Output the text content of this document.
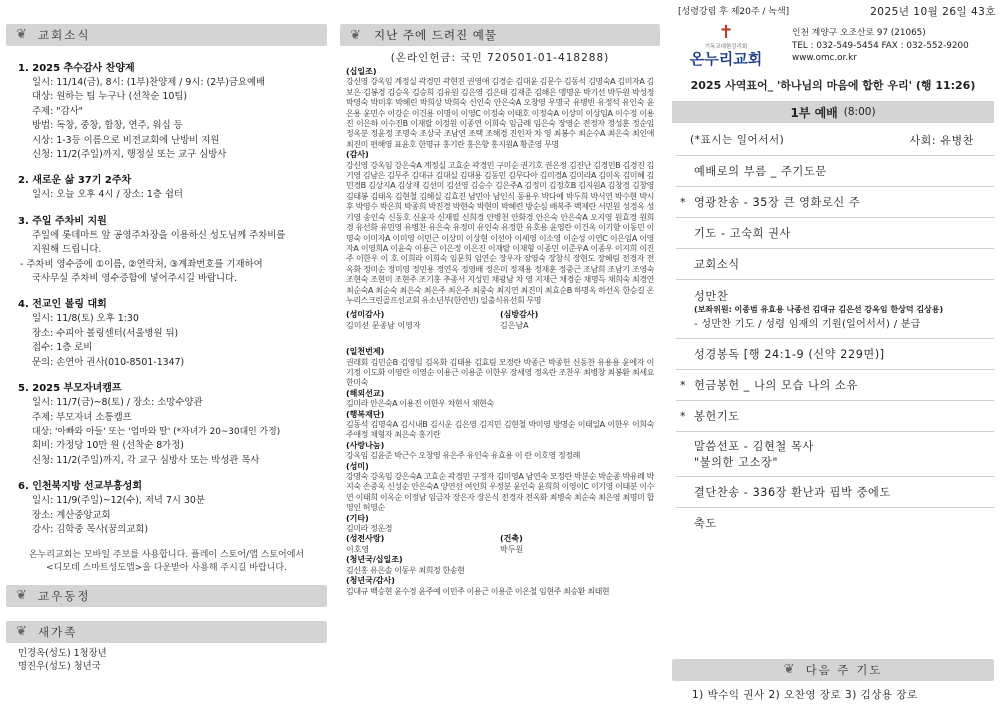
❦ 교회소식
1. 2025 추수감사 찬양제
일시: 11/14(금), 8시: (1부)찬양제 / 9시: (2부)금요예배
대상: 원하는 팀 누구나 (선착순 10팀)
주제: "감사"
방법: 독창, 중창, 합창, 연주, 워십 등
시상: 1-3등 이름으로 비전교회에 난방비 지원
신청: 11/2(주일)까지, 행정실 또는 교구 심방사
2. 새로운 삶 37기 2주차
일시: 오늘 오후 4시 / 장소: 1층 쉼터
3. 주일 주차비 지원
주일에 롯데마트 앞 공영주차장을 이용하신 성도님께 주차비를
지원해 드립니다.
- 주차비 영수증에 ①이름, ②연락처, ③계좌번호를 기재하여
국사무실 주차비 영수증함에 넣어주시길 바랍니다.
4. 전교인 볼링 대회
일시: 11/8(토) 오후 1:30
장소: 수피아 볼링센터(서울병원 뒤)
접수: 1층 로비
문의: 손연아 권사(010-8501-1347)
5. 2025 부모자녀캠프
일시: 11/7(금)~8(토) / 장소: 소망수양관
주제: 부모자녀 소통캠프
대상: '아빠와 아들' 또는 '엄마와 딸' (*자녀가 20~30대인 가정)
회비: 가정당 10만 원 (선착순 8가정)
신청: 11/2(주일)까지, 각 교구 심방사 또는 박성관 목사
6. 인천북지방 선교부흥성회
일시: 11/9(주일)~12(수), 저녁 7시 30분
장소: 계산중앙교회
강사: 김학중 목사(꿈의교회)
온누리교회는 모바일 주보를 사용합니다. 플레이 스토어/앱 스토어에서
<디모데 스마트성도앱>을 다운받아 사용해 주시길 바랍니다.
❦ 교우동정
❦ 새가족
민경옥(성도) 1청장년
명진우(성도) 청년국
❦ 지난 주에 드려진 예물
(온라인헌금: 국민 720501-01-418288)
(십일조)
강신영 강옥임 계정실 곽경민 곽현진 권영애 김경순 김대윤 김문수 김동석 김명숙A 김미자A 김보은 김봉경 김승옥 김승희 김유원 김은영 김은태 김재준 김해은 맹명운 박기선 박두원 박성정 박영숙 박미후 박혜린 박희상 박희숙 신인숙 안은숙A 오창영 우명국 유병빈 유정석 유인숙 윤은용 윤민수 이강순 이건용 이명이 이영C 이정숙 이태호 이정숙A 이상미 이상임A 이수정 이용진 이은하 이수진B 이재랄 이정원 이종연 이희숙 임금례 임은숙 장영순 전정자 정성훈 정순임 정옥분 정윤정 조명숙 조상국 조남연 조택 조해경 진인자 차 영 최봉수 최순수A 최은숙 최인애 최진미 편해영 표윤호 한명규 홍기란 홍은향 홍지원A 황준영 무명
(감사)
강신영 강옥임 강은숙A 계정실 고효순 곽경민 구미순 권기호 권은정 김진난 김경민B 김경진 김기영 김남은 김무주 김대규 김대실 김대용 김동민 김무다아 김미경A 김미라A 김미옥 김미혜 김민경B 김상지A 김상재 김선미 김선영 김승수 김은주A 김정미 김정호B 김지원A 김창경 김창영 김태봉 김태옥 김현철 김혜실 김효진 남민아 남인식 동용우 박다예 박두희 박서연 박수현 박시후 박영수 박은희 박종희 박진경 박현숙 박현미 박혜련 방순심 배복주 백제란 서민원 성경옥 성기영 송인숙 신동호 신윤자 신재필 신희경 안병천 안화경 안은숙 안은숙A 오지영 원효경 원희경 유선화 유민영 유병찬 유은숙 유정미 유인숙 유정한 유호용 윤영란 이건옥 이기향 이동민 이명숙 이미자A 이미영 이민근 이상미 이상현 이선아 이세영 이소영 이순성 이연C 이은임A 이영자A 이영희A 이윤숙 이용근 이은정 이은진 이재랄 이재형 이종민 이준우A 이종우 이지희 이진주 이한우 이 호 이희라 이희숙 임문희 임연순 장우자 장영숙 장창식 장현도 장혜림 전경자 전옥화 정미순 정미영 정민용 정연옥 정영배 정은미 정재용 정재훈 정중근 조남희 조남기 조영숙 조현숙 조현미 조현주 조기홍 추종서 지성민 채광남 차 영 지재근 채경순 채명득 채희숙 최경연 최순숙A 최순숙 최은숙 최은주 최은주 최중숙 최지연 최진미 최효순B 하명옥 하선옥 한승길 온누리스크린골프선교회 유소년부(한연빈) 일출식유선회 무명
(성미감사)	(심방감사)
김미선 문종남 이영자	김은남A
(일천번제)
권래회 김민순B 김영임 김옥화 김태용 김효림 모정란 박종근 박종헌 신동찬 유용용 윤에자 이기정 이도화 이영란 이영순 이용근 이용준 이한우 장세영 정옥란 조찬우 최병창 최봉환 최세요 한미숙
(해외선교)
김미라 안은숙A 이용진 이한우 차현서 채현숙
(행복재단)
김동석 김명숙A 김시내B 김시운 김은영 김지민 김현철 박미영 방명순 이태일A 이한우 이희숙 주애정 채형자 최은숙 홍기란
(사랑나눔)
강옥임 김윤준 박근수 오창영 유은주 유인숙 유효용 이 란 이호영 정정례
(성미)
강명숙 강옥임 강은숙A 고효순 곽경민 구정자 김미영A 남연숙 모정란 박분순 박순종 박유례 박지숙 손중옥 신성순 안은숙A 양연선 여인희 우정분 윤인숙 윤희희 이영이C 이기영 이태분 이수연 이태희 이옥순 이정남 임금자 장은자 장은식 전경자 전옥화 최병숙 최순숙 최은영 최명미 합영인 허영순
(기타)
김미라 정운경
(성전사랑)	(건축)
이호영	박두원
(청년국/십일조)
김신홍 유은솔 이동우 최희정 한송현
(청년국/감사)
김대규 백승현 윤수경 윤주예 이민주 이용근 이용준 이온철 임현주 최승환 최태현
[성령강림 후 제20주 / 녹색]	2025년 10월 26일 43호
✝
기독교대한감리회
온누리교회
인천 계양구 오조산로 97 (21065)
TEL : 032-549-5454 FAX : 032-552-9200
www.omc.or.kr
2025 사역표어_ '하나님의 마음에 합한 우리' (행 11:26)
1부 예배 (8:00)
(*표시는 일어서서)	사회: 유병찬
예배로의 부름 _ 주기도문
* 영광찬송 - 35장 큰 영화로신 주
기도 - 고숙희 권사
교회소식
성만찬
(보좌위원: 이종범 유효용 나종선 김대규 김은선 강옥임 한상덕 김상용)
- 성만찬 기도 / 성령 임재의 기원(일어서서) / 분급
성경봉독 [행 24:1-9 (신약 229면)]
* 헌금봉헌 _ 나의 모습 나의 소유
* 봉헌기도
말씀선포 - 김현철 목사
"불의한 고소장"
결단찬송 - 336장 환난과 핍박 중에도
축도
❦ 다음 주 기도
1) 박수익 권사 2) 오찬영 장로 3) 김상용 장로
